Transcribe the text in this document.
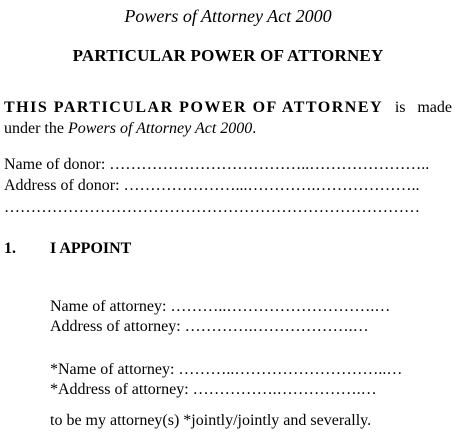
Powers of Attorney Act 2000
PARTICULAR POWER OF ATTORNEY
THIS PARTICULAR POWER OF ATTORNEY is made
under the Powers of Attorney Act 2000.
Name of donor: ………………………………..…………………..
Address of donor: …………………...………….………………..
……………………………………………………………………
1. I APPOINT
Name of attorney: ………..……………………….…
Address of attorney: ………….……………….…
*Name of attorney: ………..………………………..…
*Address of attorney: …………….…………….…
to be my attorney(s) *jointly/jointly and severally.
